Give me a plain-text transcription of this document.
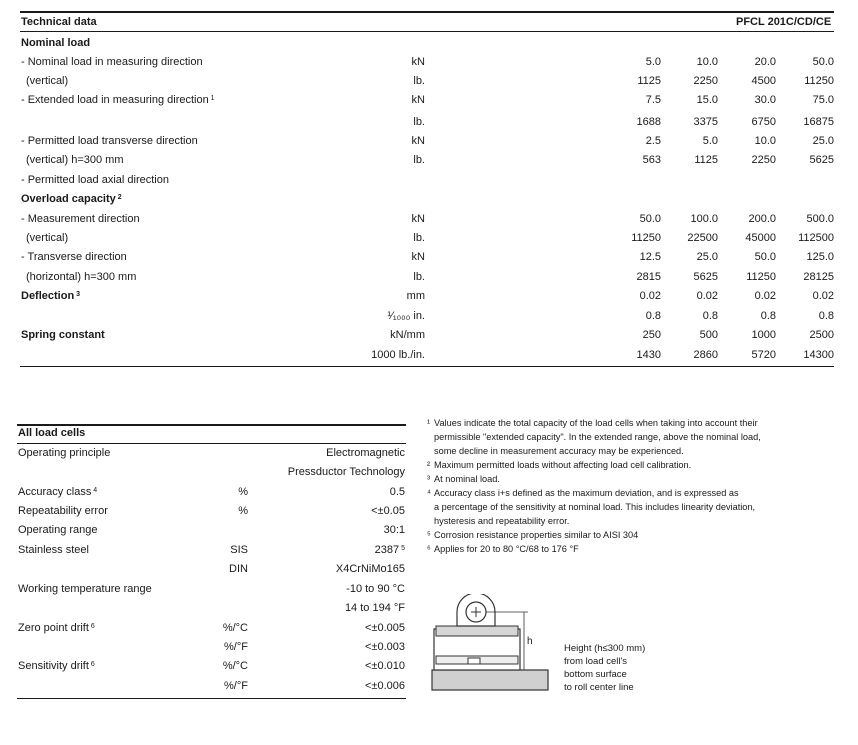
Technical data	PFCL 201C/CD/CE
Nominal load
- Nominal load in measuring direction	kN	5.0	10.0	20.0	50.0
(vertical)	lb.	1125	2250	4500	11250
- Extended load in measuring direction $^1$	kN	7.5	15.0	30.0	75.0
lb.	1688	3375	6750 16875
- Permitted load transverse direction	kN	2.5	5.0	10.0	25.0
(vertical) h=300 mm	lb.	563	1125	2250	5625
- Permitted load axial direction
Overload capacity $^2$
- Measurement direction	kN	50.0	100.0	200.0	500.0
(vertical)	lb.	11250 22500 45000 112500
- Transverse direction	kN	12.5	25.0	50.0	125.0
(horizontal) h=300 mm	lb.	2815	5625	11250 28125
Deflection $^3$	mm	0.02	0.02	0.02	0.02
¹⁄₁₀₀₀ in.	0.8	0.8	0.8	0.8
Spring constant	kN/mm	250	500	1000	2500
1000 lb./in.	1430	2860	5720 14300
All load cells
Operating principle	Electromagnetic
Pressductor Technology
Accuracy class $^4$	%	0.5
Repeatability error	%	<±0.05
Operating range	30:1
Stainless steel	SIS	2387 $^5$
DIN	X4CrNiMo165
Working temperature range	-10 to 90 °C
14 to 194 °F
Zero point drift $^6$	%/°C	<±0.005
%/°F	<±0.003
Sensitivity drift $^6$	%/°C	<±0.010
%/°F	<±0.006
¹ Values indicate the total capacity of the load cells when taking into account their
permissible "extended capacity". In the extended range, above the nominal load,
some decline in measurement accuracy may be experienced.
² Maximum permitted loads without affecting load cell calibration.
³ At nominal load.
⁴ Accuracy class i+s defined as the maximum deviation, and is expressed as
a percentage of the sensitivity at nominal load. This includes linearity deviation,
hysteresis and repeatability error.
⁵ Corrosion resistance properties similar to AISI 304
⁶ Applies for 20 to 80 °C/68 to 176 °F
h
Height (h≤300 mm)
from load cell's
bottom surface
to roll center line
